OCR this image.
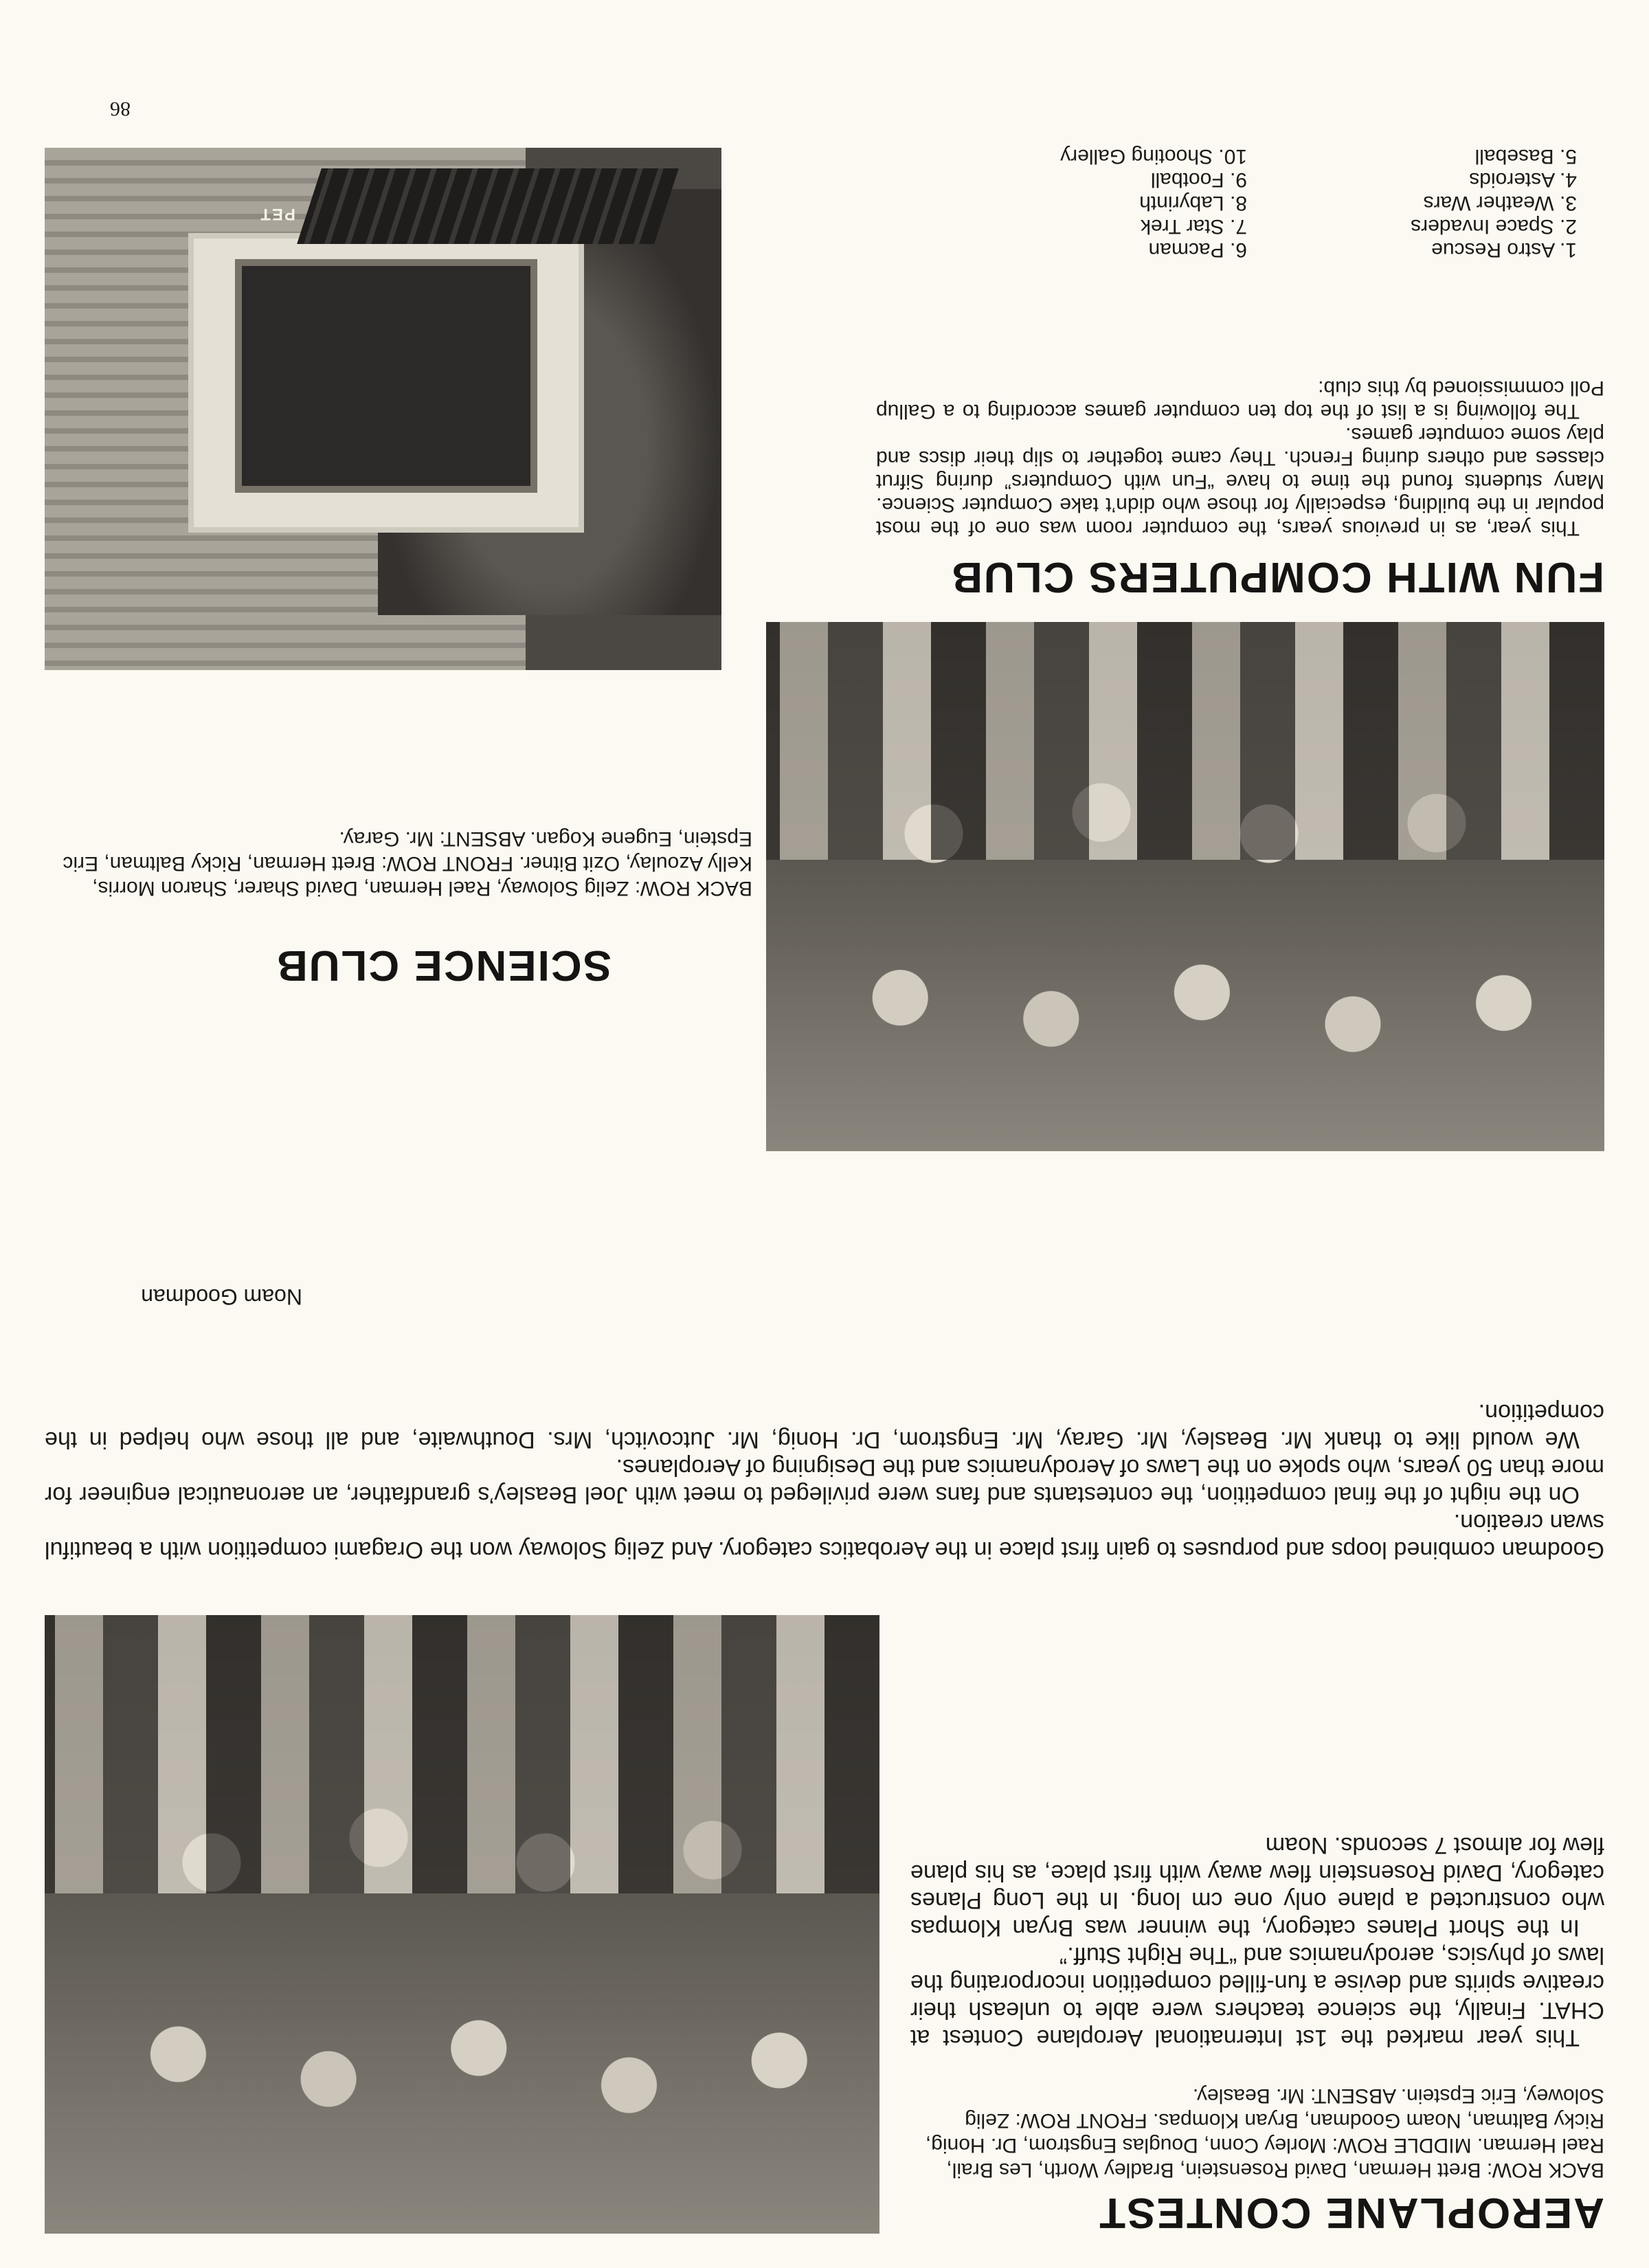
AEROPLANE CONTEST
BACK ROW: Brett Herman, David Rosenstein, Bradley Worth, Les Brail, Rael Herman. MIDDLE ROW: Morley Conn, Douglas Engstrom, Dr. Honig, Ricky Baltman, Noam Goodman, Bryan Klompas. FRONT ROW: Zelig Solowey, Eric Epstein. ABSENT: Mr. Beasley.

This year marked the 1st International Aeroplane Contest at CHAT. Finally, the science teachers were able to unleash their creative spirits and devise a fun-filled competition incorporating the laws of physics, aerodynamics and “The Right Stuff.”

In the Short Planes category, the winner was Bryan Klompas who constructed a plane only one cm long. In the Long Planes category, David Rosenstein flew away with first place, as his plane flew for almost 7 seconds. Noam

Goodman combined loops and porpuses to gain first place in the Aerobatics category. And Zelig Soloway won the Oragami competition with a beautiful swan creation.

On the night of the final competition, the contestants and fans were privileged to meet with Joel Beasley’s grandfather, an aeronautical engineer for more than 50 years, who spoke on the Laws of Aerodynamics and the Designing of Aeroplanes.

We would like to thank Mr. Beasley, Mr. Garay, Mr. Engstrom, Dr. Honig, Mr. Jutcovitch, Mrs. Douthwaite, and all those who helped in the competition.

Noam Goodman
SCIENCE CLUB
BACK ROW: Zelig Soloway, Rael Herman, David Sharer, Sharon Morris, Kelly Azoulay, Ozit Bitner. FRONT ROW: Brett Herman, Ricky Baltman, Eric Epstein, Eugene Kogan. ABSENT: Mr. Garay.
FUN WITH COMPUTERS CLUB

This year, as in previous years, the computer room was one of the most popular in the building, especially for those who didn’t take Computer Science. Many students found the time to have “Fun with Computers” during Sifrut classes and others during French. They came together to slip their discs and play some computer games.

The following is a list of the top ten computer games according to a Gallup Poll commissioned by this club:

1. Astro Rescue
2. Space Invaders
3. Weather Wars
4. Asteroids
5. Baseball
6. Pacman
7. Star Trek
8. Labyrinth
9. Football
10. Shooting Gallery
PET
86
